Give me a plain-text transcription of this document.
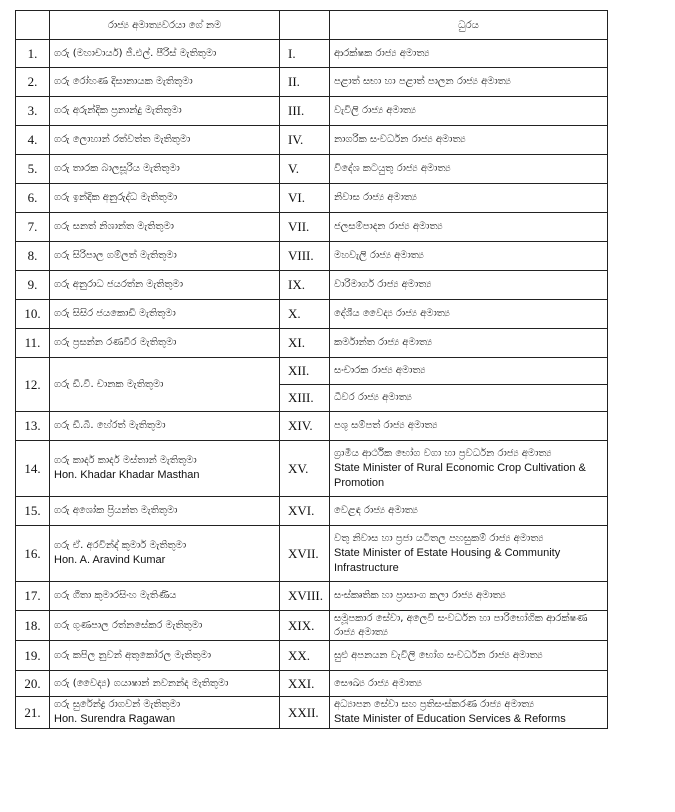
	රාජ්‍ය අමාත්‍යවරයා ගේ නම		ධුරය
1.	ගරු (මහාචාර්ය) ජී.එල්. පීරිස් මැතිතුමා	I.	ආරක්ෂක රාජ්‍ය අමාත්‍ය

2.	ගරු රෝහණ දිසානායක මැතිතුමා	II.	පළාත් සභා හා පළාත් පාලන රාජ්‍ය අමාත්‍ය

3.	ගරු අරුන්දික ප්‍රනාන්දු මැතිතුමා	III.	වැවිලි රාජ්‍ය අමාත්‍ය

4.	ගරු ලොහාන් රත්වත්ත මැතිතුමා	IV.	නාගරික සංවර්ධන රාජ්‍ය අමාත්‍ය

5.	ගරු තාරක බාලසූරිය මැතිතුමා	V.	විදේශ කටයුතු රාජ්‍ය අමාත්‍ය

6.	ගරු ඉන්දික අනුරුද්ධ මැතිතුමා	VI.	නිවාස රාජ්‍ය අමාත්‍ය

7.	ගරු සනත් නිශාන්ත මැතිතුමා	VII.	ජලසම්පාදන රාජ්‍ය අමාත්‍ය

8.	ගරු සිරිපාල ගම්ලත් මැතිතුමා	VIII.	මහවැලි රාජ්‍ය අමාත්‍ය

9.	ගරු අනුරාධ ජයරත්න මැතිතුමා	IX.	වාරිමාර්ග රාජ්‍ය අමාත්‍ය

10.	ගරු සිසිර ජයකොඩි මැතිතුමා	X.	දේශීය වෛද්‍ය රාජ්‍ය අමාත්‍ය

11.	ගරු ප්‍රසන්න රණවීර මැතිතුමා	XI.	කර්මාන්ත රාජ්‍ය අමාත්‍ය

12.	ගරු ඩී.වී. චානක මැතිතුමා	XII.	සංචාරක රාජ්‍ය අමාත්‍ය

		XIII.	ධීවර රාජ්‍ය අමාත්‍ය

13.	ගරු ඩී.බී. හේරත් මැතිතුමා	XIV.	පශු සම්පත් රාජ්‍ය අමාත්‍ය

14.	ගරු කාදර් කාදර් මස්තාන් මැතිතුමා
Hon. Khadar Khadar Masthan	XV.	ග්‍රාමීය ආර්ථික භෝග වගා හා ප්‍රවර්ධන රාජ්‍ය අමාත්‍ය
State Minister of Rural Economic Crop Cultivation & Promotion

15.	ගරු අශෝක ප්‍රියන්ත මැතිතුමා	XVI.	වෙළඳ රාජ්‍ය අමාත්‍ය

16.	ගරු ඒ. අරවින්ද් කුමාර් මැතිතුමා
Hon. A. Aravind Kumar	XVII.	වතු නිවාස හා ප්‍රජා යටිතල පහසුකම් රාජ්‍ය අමාත්‍ය
State Minister of Estate Housing & Community Infrastructure

17.	ගරු ගීතා කුමාරසිංහ මැතිණිය	XVIII.	සංස්කෘතික හා ප්‍රාසාංග කලා රාජ්‍ය අමාත්‍ය

18.	ගරු ගුණපාල රත්නසේකර මැතිතුමා	XIX.	සමූපකාර සේවා, අලෙවි සංවර්ධන හා පාරිභෝගික ආරක්ෂණ රාජ්‍ය අමාත්‍ය

19.	ගරු කපිල නුවන් අතුකෝරල මැතිතුමා	XX.	සුළු අපනයන වැවිලි භෝග සංවර්ධන රාජ්‍ය අමාත්‍ය

20.	ගරු (වෛද්‍ය) ගයාෂාන් නවනන්ද මැතිතුමා	XXI.	සෞඛ්‍ය රාජ්‍ය අමාත්‍ය

21.	ගරු සුරේන්ද්‍ර රාගවන් මැතිතුමා
Hon. Surendra Ragawan	XXII.	අධ්‍යාපන සේවා සහ ප්‍රතිසංස්කරණ රාජ්‍ය අමාත්‍ය
State Minister of Education Services & Reforms
